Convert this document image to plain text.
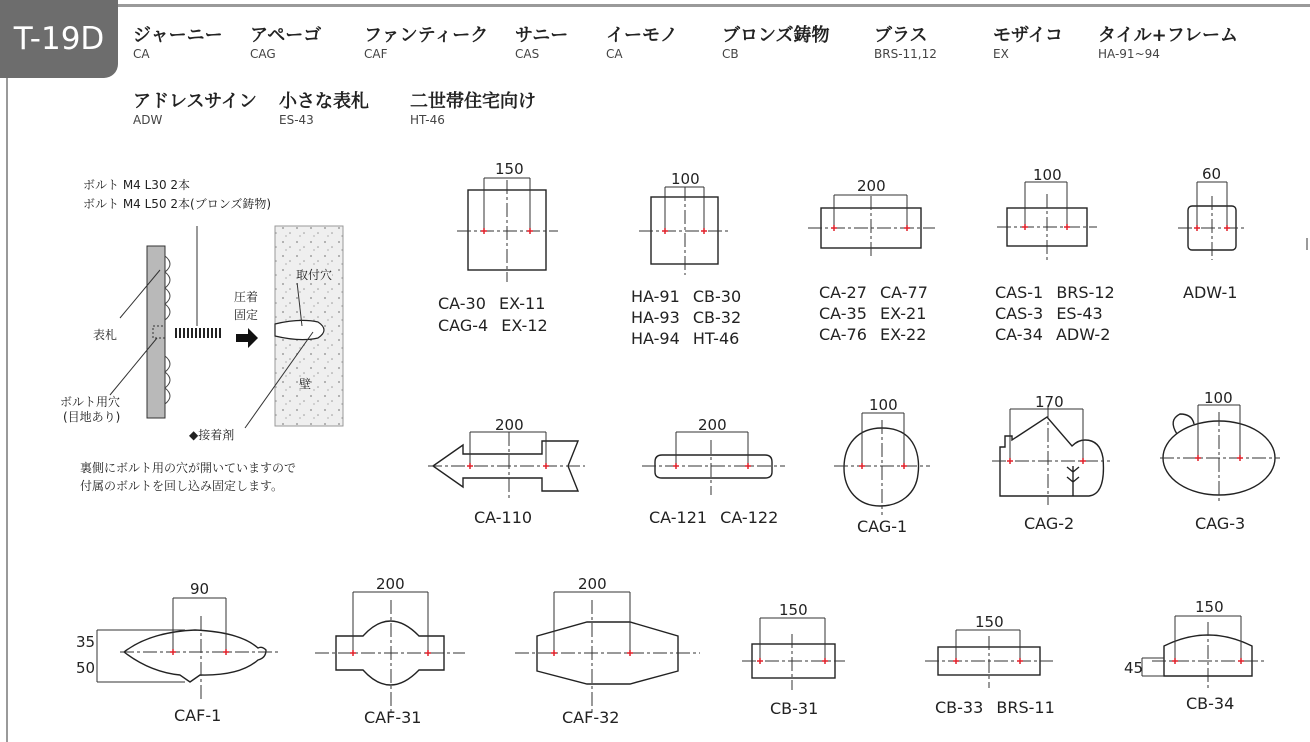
T-19D	ジャーニー
CA
アペーゴ
CAG
ファンティーク
CAF
サニー
CAS
イーモノ
CA
ブロンズ鋳物
CB
ブラス
BRS-11,12
モザイコ
EX
タイル+フレーム
HA-91~94
アドレスサイン
ADW
小さな表札
ES-43
二世帯住宅向け
HT-46
ボルト M4 L30 2本
ボルト M4 L50 2本(ブロンズ鋳物)
表札
ボルト用穴
(目地あり)
圧着
固定
取付穴
壁
◆接着剤
裏側にボルト用の穴が開いていますので
付属のボルトを回し込み固定します。
150
CA-30 EX-11
CAG-4 EX-12
100
HA-91 CB-30
HA-93 CB-32
HA-94 HT-46
200
CA-27 CA-77
CA-35 EX-21
CA-76 EX-22
100
CAS-1 BRS-12
CAS-3 ES-43
CA-34 ADW-2
60
ADW-1
200
CA-110
200
CA-121 CA-122
100
CAG-1
170
CAG-2
100
CAG-3
90
35
50
CAF-1
200
CAF-31
200
CAF-32
150
CB-31
150
CB-33 BRS-11
150
45
CB-34
